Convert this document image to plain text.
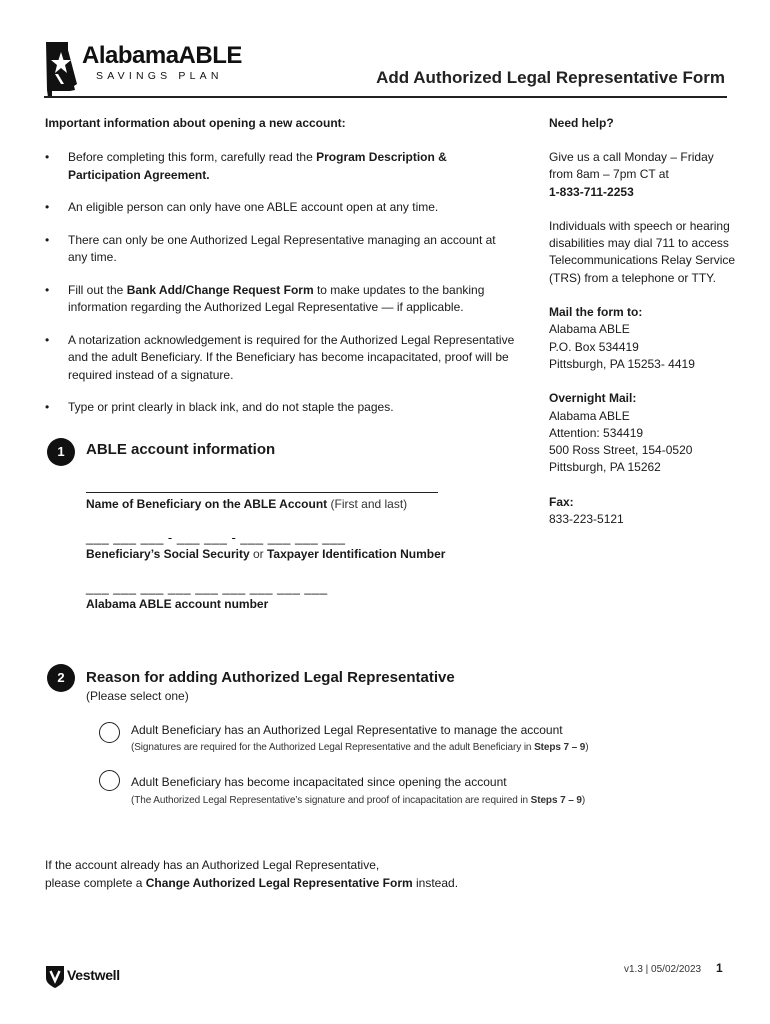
AlabamaABLE
SAVINGS PLAN	Add Authorized Legal Representative Form
Important information about opening a new account:
• Before completing this form, carefully read the Program Description & Participation Agreement.
• An eligible person can only have one ABLE account open at any time.
• There can only be one Authorized Legal Representative managing an account at any time.
• Fill out the Bank Add/Change Request Form to make updates to the banking information regarding the Authorized Legal Representative — if applicable.
• A notarization acknowledgement is required for the Authorized Legal Representative and the adult Beneficiary. If the Beneficiary has become incapacitated, proof will be required instead of a signature.
• Type or print clearly in black ink, and do not staple the pages.
Need help?

Give us a call Monday – Friday from 8am – 7pm CT at
1-833-711-2253

Individuals with speech or hearing disabilities may dial 711 to access Telecommunications Relay Service (TRS) from a telephone or TTY.

Mail the form to:
Alabama ABLE
P.O. Box 534419
Pittsburgh, PA 15253- 4419

Overnight Mail:
Alabama ABLE
Attention: 534419
500 Ross Street, 154-0520
Pittsburgh, PA 15262

Fax:
833-223-5121

1	ABLE account information
Name of Beneficiary on the ABLE Account (First and last)
___ ___ ___ - ___ ___ - ___ ___ ___ ___
Beneficiary’s Social Security or Taxpayer Identification Number
___ ___ ___ ___ ___ ___ ___ ___ ___
Alabama ABLE account number
2	Reason for adding Authorized Legal Representative
(Please select one)
Adult Beneficiary has an Authorized Legal Representative to manage the account
(Signatures are required for the Authorized Legal Representative and the adult Beneficiary in Steps 7 – 9)
Adult Beneficiary has become incapacitated since opening the account
(The Authorized Legal Representative’s signature and proof of incapacitation are required in Steps 7 – 9)
If the account already has an Authorized Legal Representative,
please complete a Change Authorized Legal Representative Form instead.
Vestwell	v1.3 | 05/02/2023 1
